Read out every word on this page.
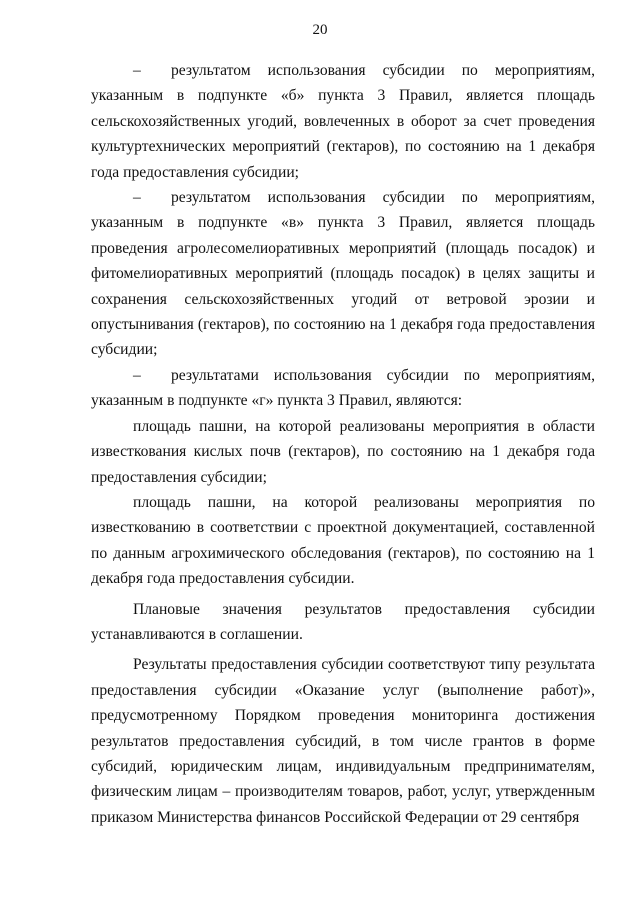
20

– результатом использования субсидии по мероприятиям, указанным в подпункте «б» пункта 3 Правил, является площадь сельскохозяйственных угодий, вовлеченных в оборот за счет проведения культуртехнических мероприятий (гектаров), по состоянию на 1 декабря года предоставления субсидии;

– результатом использования субсидии по мероприятиям, указанным в подпункте «в» пункта 3 Правил, является площадь проведения агролесомелиоративных мероприятий (площадь посадок) и фитомелиоративных мероприятий (площадь посадок) в целях защиты и сохранения сельскохозяйственных угодий от ветровой эрозии и опустынивания (гектаров), по состоянию на 1 декабря года предоставления субсидии;

– результатами использования субсидии по мероприятиям, указанным в подпункте «г» пункта 3 Правил, являются:

площадь пашни, на которой реализованы мероприятия в области известкования кислых почв (гектаров), по состоянию на 1 декабря года предоставления субсидии;

площадь пашни, на которой реализованы мероприятия по известкованию в соответствии с проектной документацией, составленной по данным агрохимического обследования (гектаров), по состоянию на 1 декабря года предоставления субсидии.

Плановые значения результатов предоставления субсидии устанавливаются в соглашении.

Результаты предоставления субсидии соответствуют типу результата предоставления субсидии «Оказание услуг (выполнение работ)», предусмотренному Порядком проведения мониторинга достижения результатов предоставления субсидий, в том числе грантов в форме субсидий, юридическим лицам, индивидуальным предпринимателям, физическим лицам – производителям товаров, работ, услуг, утвержденным приказом Министерства финансов Российской Федерации от 29 сентября
